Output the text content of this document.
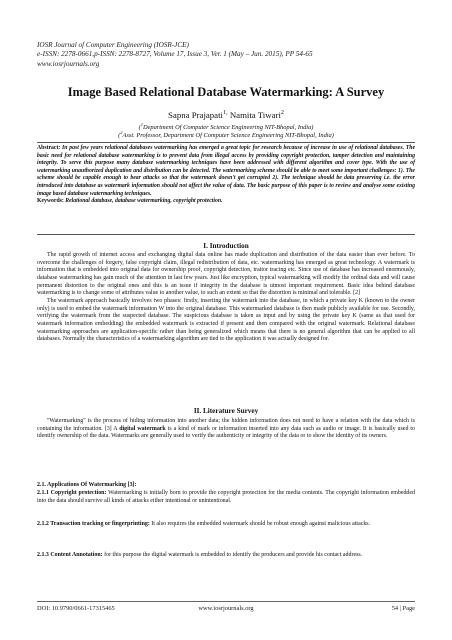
IOSR Journal of Computer Engineering (IOSR-JCE)
e-ISSN: 2278-0661,p-ISSN: 2278-8727, Volume 17, Issue 3, Ver. 1 (May – Jun. 2015), PP 54-65
www.iosrjournals.org
Image Based Relational Database Watermarking: A Survey
Sapna Prajapati$^{1,}$ Namita Tiwari$^2$
($^1$Department Of Computer Science Engineering NIT-Bhopal, India)
($^2$Asst. Professor, Department Of Computer Science Engineering NIT-Bhopal, India)
Abstract: In past few years relational databases watermarking has emerged a great topic for research because of increase in use of relational databases. The basic need for relational database watermarking is to prevent data from illegal access by providing copyright protection, tamper detection and maintaining integrity. To serve this purpose many database watermarking techniques have been addressed with different algorithm and cover type. With the use of watermarking unauthorized duplication and distribution can be detected. The watermarking scheme should be able to meet some important challenges: 1). The scheme should be capable enough to bear attacks so that the watermark doesn't get corrupted 2). The technique should be data preserving i.e. the error introduced into database as watermark information should not affect the value of data. The basic purpose of this paper is to review and analyse some existing image based database watermarking techniques.
Keywords: Relational database, database watermarking, copyright protection.
I. Introduction

The rapid growth of internet access and exchanging digital data online has made duplication and distribution of the data easier than ever before. To overcome the challenges of forgery, false copyright claim, illegal redistribution of data, etc. watermarking has emerged as great technology. A watermark is information that is embedded into original data for ownership proof, copyright detection, traitor tracing etc. Since use of database has increased enormously, database watermarking has gain much of the attention in last few years. Just like encryption, typical watermarking will modify the ordinal data and will cause permanent distortion to the original ones and this is an issue if integrity in the database is utmost important requirement. Basic idea behind database watermarking is to change some of attributes value to another value, to such an extent so that the distortion is minimal and tolerable. [2]

The watermark approach basically involves two phases: firstly, inserting the watermark into the database, in which a private key K (known to the owner only) is used to embed the watermark information W into the original database. This watermarked database is then made publicly available for use. Secondly, verifying the watermark from the suspected database. The suspicious database is taken as input and by using the private key K (same as that used for watermark information embedding) the embedded watermark is extracted if present and then compared with the original watermark. Relational database watermarking approaches are application-specific rather than being generalized which means that there is no general algorithm that can be applied to all databases. Normally the characteristics of a watermarking algorithm are tied to the application it was actually designed for.

II. Literature Survey

"Watermarking" is the process of hiding information into another data; the hidden information does not need to have a relation with the data which is containing the information. [3] A digital watermark is a kind of mark or information inserted into any data such as audio or image. It is basically used to identify ownership of the data. Watermarks are generally used to verify the authenticity or integrity of the data or to show the identity of its owners.

2.1. Applications Of Watermarking [3]:
2.1.1 Copyright protection: Watermarking is initially born to provide the copyright protection for the media contents. The copyright information embedded into the data should survive all kinds of attacks either intentional or unintentional.
2.1.2 Transaction tracking or fingerprinting: It also requires the embedded watermark should be robust enough against malicious attacks.
2.1.3 Content Annotation: for this purpose the digital watermark is embedded to identify the producers and provide his contact address.
DOI: 10.9790/0661-17315465	www.iosrjournals.org	54 | Page
